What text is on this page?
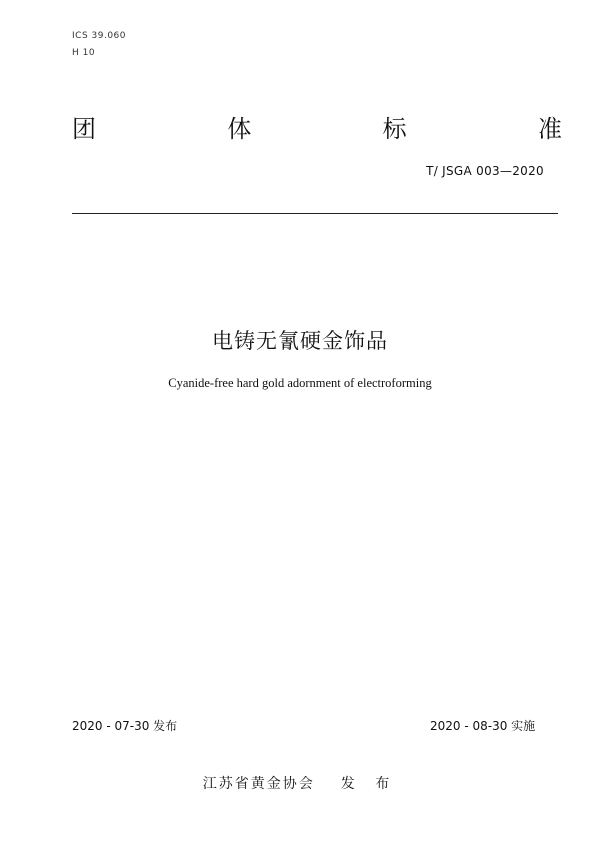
ICS 39.060
H 10
团	体	标	准
T/ JSGA 003—2020
电铸无氰硬金饰品
Cyanide-free hard gold adornment of electroforming
2020 - 07-30 发布	2020 - 08-30 实施
江苏省黄金协会 发 布
